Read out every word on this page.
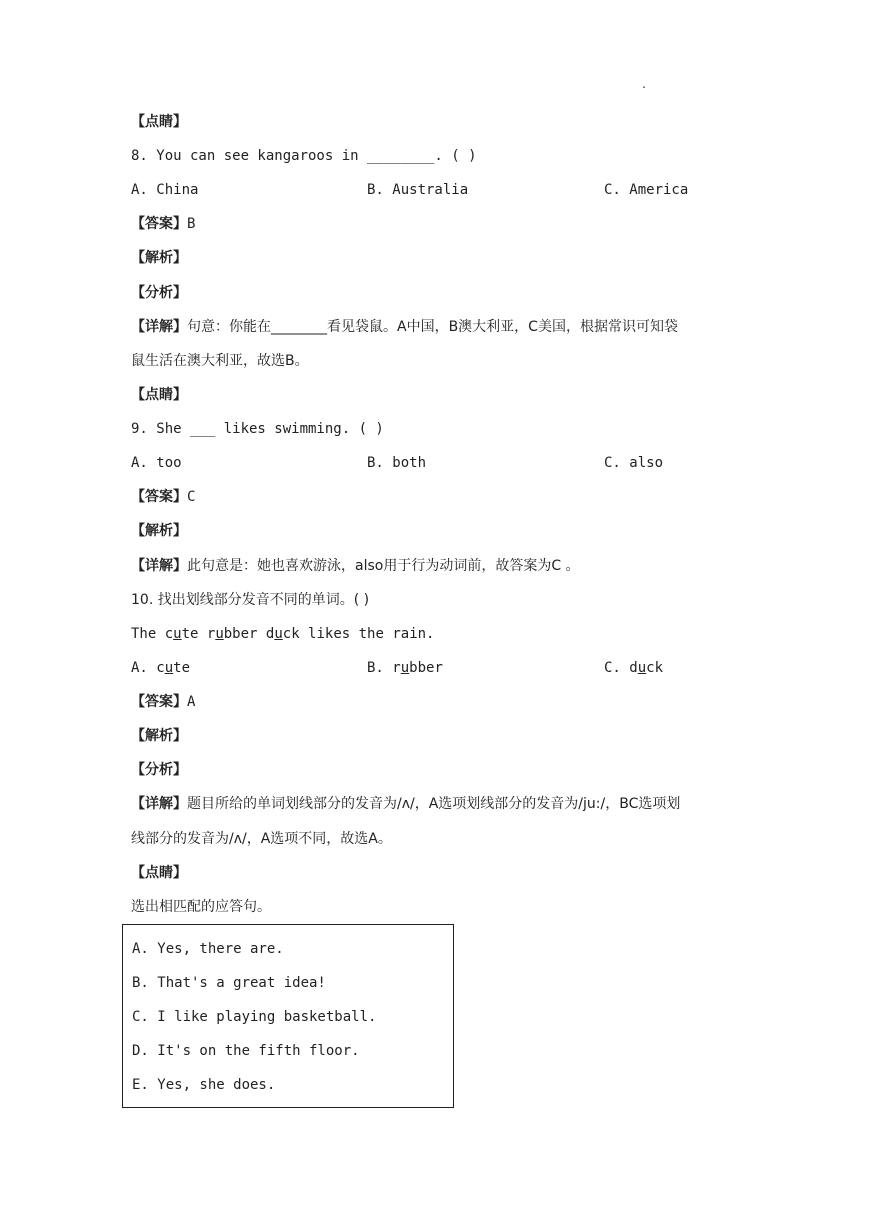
.
【点睛】
8. You can see kangaroos in ________. ( )
A. China	B. Australia	C. America
【答案】B
【解析】
【分析】
【详解】句意：你能在________看见袋鼠。A中国，B澳大利亚，C美国，根据常识可知袋
鼠生活在澳大利亚，故选B。
【点睛】
9. She ___ likes swimming. ( )
A. too	B. both	C. also
【答案】C
【解析】
【详解】此句意是：她也喜欢游泳，also用于行为动词前，故答案为C 。
10. 找出划线部分发音不同的单词。( )
The cute rubber duck likes the rain.
A. cute	B. rubber	C. duck
【答案】A
【解析】
【分析】
【详解】题目所给的单词划线部分的发音为/ʌ/，A选项划线部分的发音为/ju:/，BC选项划
线部分的发音为/ʌ/，A选项不同，故选A。
【点睛】
选出相匹配的应答句。
A. Yes, there are.
B. That's a great idea!
C. I like playing basketball.
D. It's on the fifth floor.
E. Yes, she does.
